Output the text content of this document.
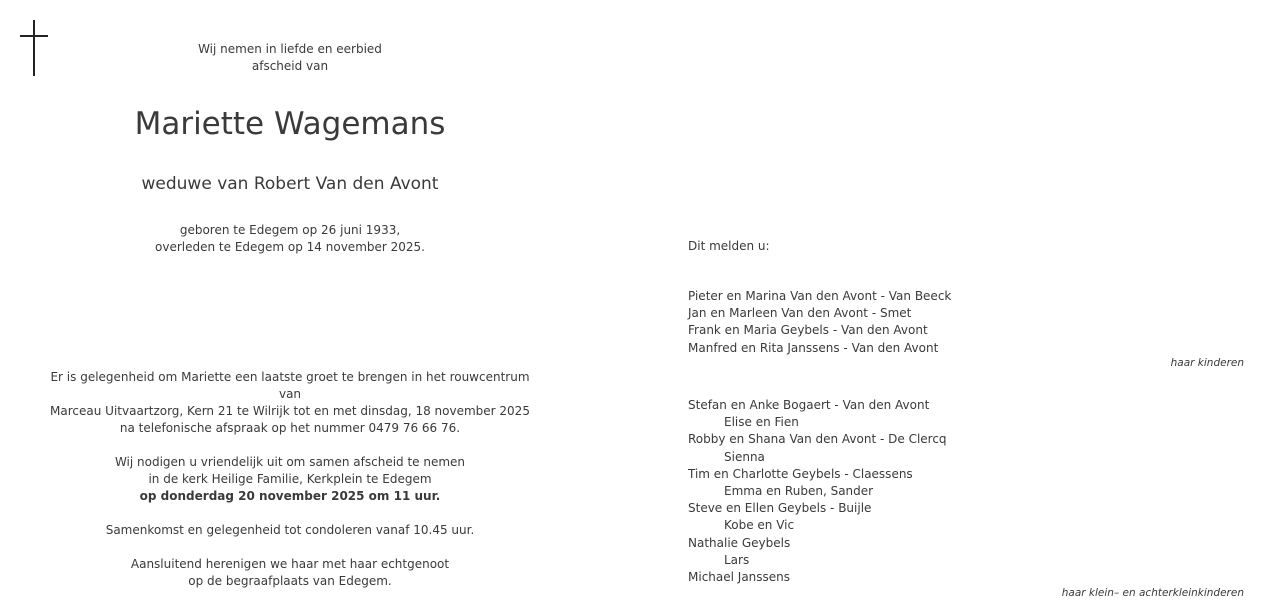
Wij nemen in liefde en eerbied
afscheid van
Mariette Wagemans
weduwe van Robert Van den Avont
geboren te Edegem op 26 juni 1933,
overleden te Edegem op 14 november 2025.

Er is gelegenheid om Mariette een laatste groet te brengen in het rouwcentrum van

Marceau Uitvaartzorg, Kern 21 te Wilrijk tot en met dinsdag, 18 november 2025

na telefonische afspraak op het nummer 0479 76 66 76.

Wij nodigen u vriendelijk uit om samen afscheid te nemen

in de kerk Heilige Familie, Kerkplein te Edegem

op donderdag 20 november 2025 om 11 uur.

Samenkomst en gelegenheid tot condoleren vanaf 10.45 uur.

Aansluitend herenigen we haar met haar echtgenoot

op de begraafplaats van Edegem.

Dit melden u:
Pieter en Marina Van den Avont - Van Beeck
Jan en Marleen Van den Avont - Smet
Frank en Maria Geybels - Van den Avont
Manfred en Rita Janssens - Van den Avont
haar kinderen
Stefan en Anke Bogaert - Van den Avont
Elise en Fien
Robby en Shana Van den Avont - De Clercq
Sienna
Tim en Charlotte Geybels - Claessens
Emma en Ruben, Sander
Steve en Ellen Geybels - Buijle
Kobe en Vic
Nathalie Geybels
Lars
Michael Janssens
haar klein– en achterkleinkinderen
